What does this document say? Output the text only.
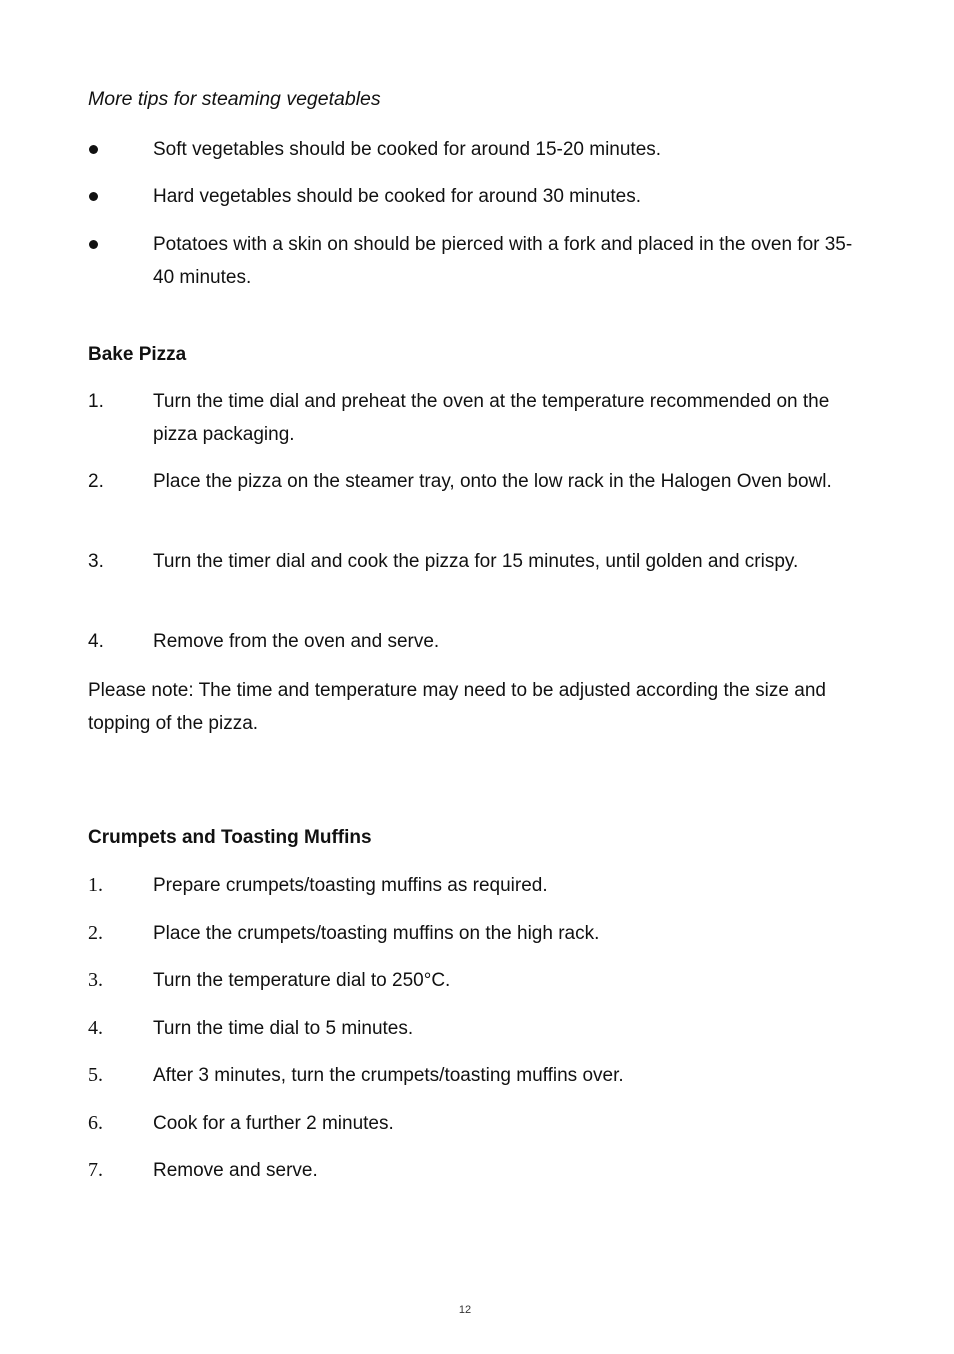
More tips for steaming vegetables
Soft vegetables should be cooked for around 15-20 minutes.
Hard vegetables should be cooked for around 30 minutes.
Potatoes with a skin on should be pierced with a fork and placed in the oven for 35-40 minutes.
Bake Pizza
1.	Turn the time dial and preheat the oven at the temperature recommended on the pizza packaging.
2.	Place the pizza on the steamer tray, onto the low rack in the Halogen Oven bowl.
3.	Turn the timer dial and cook the pizza for 15 minutes, until golden and crispy.
4.	Remove from the oven and serve.
Please note: The time and temperature may need to be adjusted according the size and topping of the pizza.
Crumpets and Toasting Muffins
1.	Prepare crumpets/toasting muffins as required.
2.	Place the crumpets/toasting muffins on the high rack.
3.	Turn the temperature dial to 250°C.
4.	Turn the time dial to 5 minutes.
5.	After 3 minutes, turn the crumpets/toasting muffins over.
6.	Cook for a further 2 minutes.
7.	Remove and serve.
12
